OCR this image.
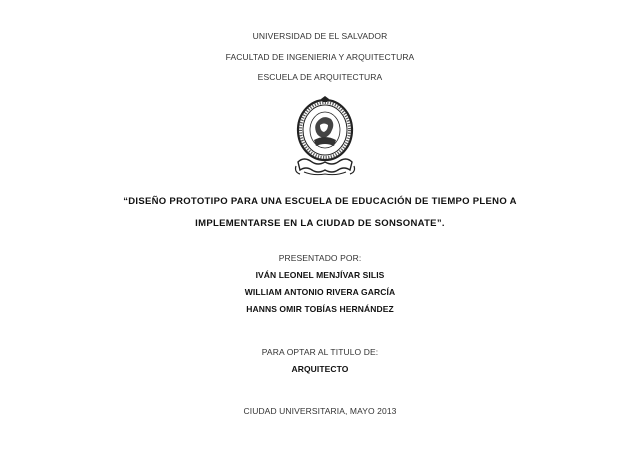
UNIVERSIDAD DE EL SALVADOR
FACULTAD DE INGENIERIA Y ARQUITECTURA
ESCUELA DE ARQUITECTURA
“DISEÑO PROTOTIPO PARA UNA ESCUELA DE EDUCACIÓN DE TIEMPO PLENO A
IMPLEMENTARSE EN LA CIUDAD DE SONSONATE”.
PRESENTADO POR:
IVÁN LEONEL MENJÍVAR SILIS
WILLIAM ANTONIO RIVERA GARCÍA
HANNS OMIR TOBÍAS HERNÁNDEZ
PARA OPTAR AL TITULO DE:
ARQUITECTO
CIUDAD UNIVERSITARIA, MAYO 2013
